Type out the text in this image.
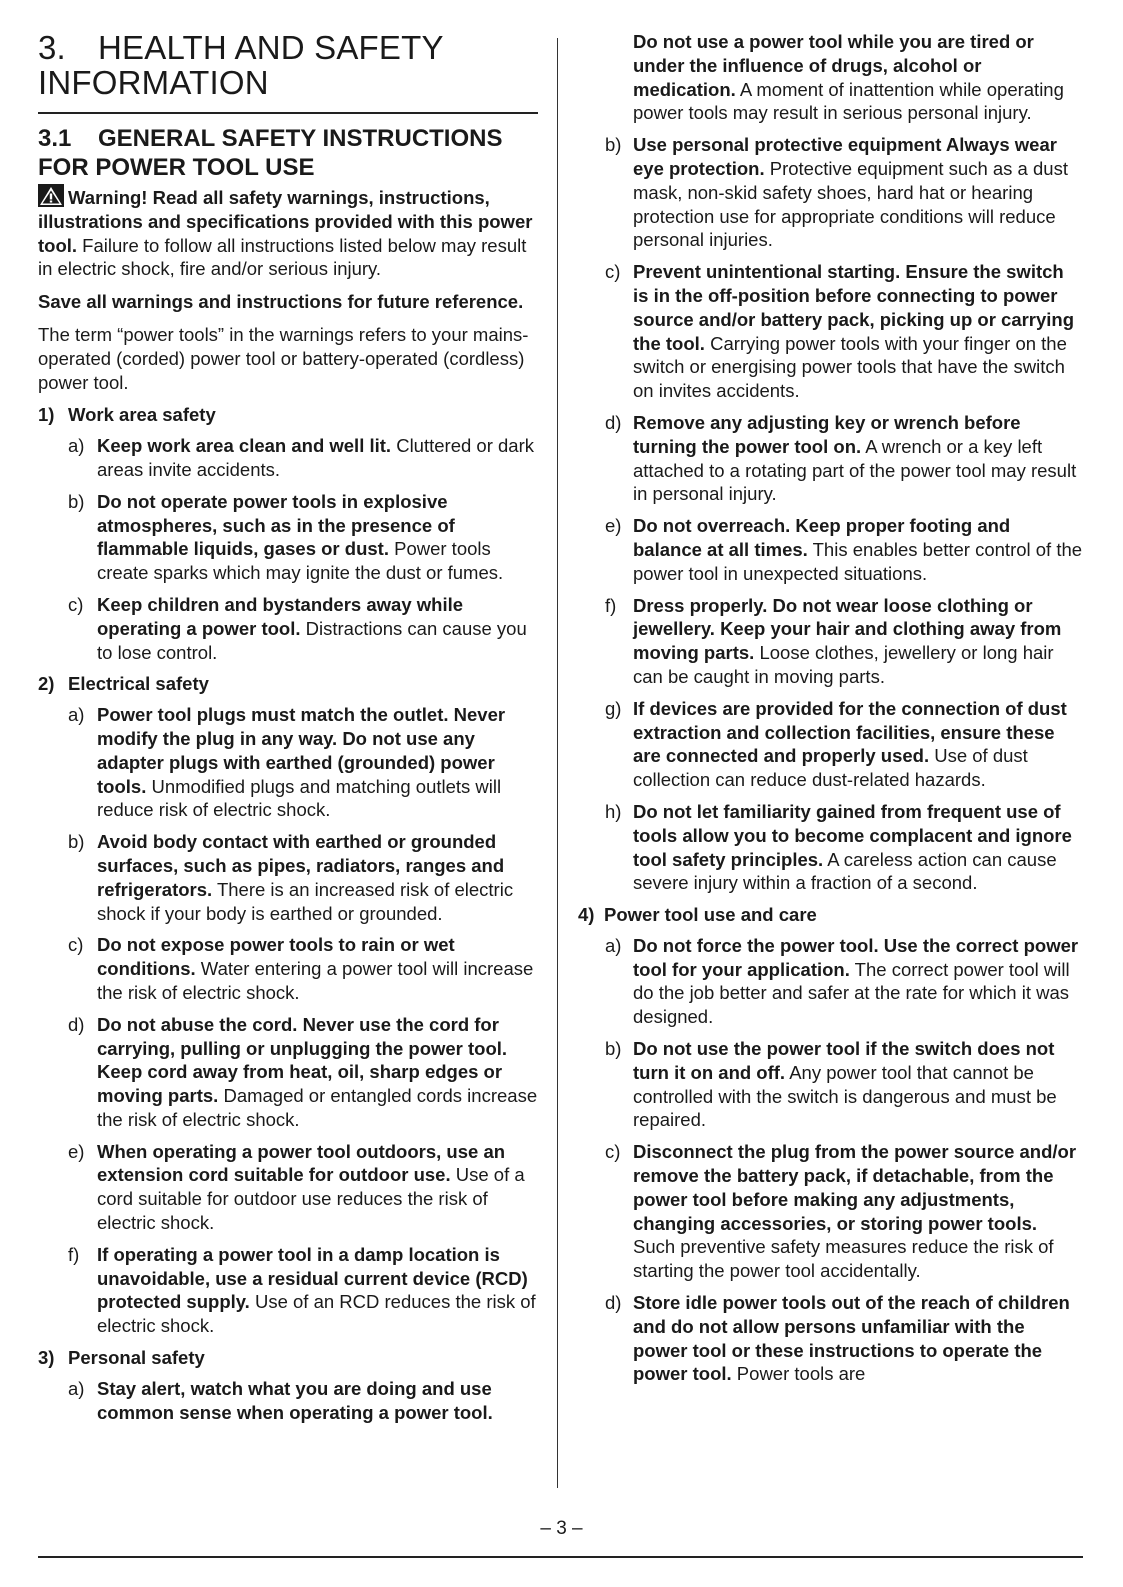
3. HEALTH AND SAFETY INFORMATION
3.1 GENERAL SAFETY INSTRUCTIONS FOR POWER TOOL USE

Warning! Read all safety warnings, instructions, illustrations and specifications provided with this power tool. Failure to follow all instructions listed below may result in electric shock, fire and/or serious injury.

Save all warnings and instructions for future reference.

The term “power tools” in the warnings refers to your mains-operated (corded) power tool or battery-operated (cordless) power tool.

1) Work area safety
a) Keep work area clean and well lit. Cluttered or dark areas invite accidents.
b) Do not operate power tools in explosive atmospheres, such as in the presence of flammable liquids, gases or dust. Power tools create sparks which may ignite the dust or fumes.
c) Keep children and bystanders away while operating a power tool. Distractions can cause you to lose control.
2) Electrical safety
a) Power tool plugs must match the outlet. Never modify the plug in any way. Do not use any adapter plugs with earthed (grounded) power tools. Unmodified plugs and matching outlets will reduce risk of electric shock.
b) Avoid body contact with earthed or grounded surfaces, such as pipes, radiators, ranges and refrigerators. There is an increased risk of electric shock if your body is earthed or grounded.
c) Do not expose power tools to rain or wet conditions. Water entering a power tool will increase the risk of electric shock.
d) Do not abuse the cord. Never use the cord for carrying, pulling or unplugging the power tool. Keep cord away from heat, oil, sharp edges or moving parts. Damaged or entangled cords increase the risk of electric shock.
e) When operating a power tool outdoors, use an extension cord suitable for outdoor use. Use of a cord suitable for outdoor use reduces the risk of electric shock.
f) If operating a power tool in a damp location is unavoidable, use a residual current device (RCD) protected supply. Use of an RCD reduces the risk of electric shock.
3) Personal safety
a) Stay alert, watch what you are doing and use common sense when operating a power tool.
Do not use a power tool while you are tired or under the influence of drugs, alcohol or medication. A moment of inattention while operating power tools may result in serious personal injury.
b) Use personal protective equipment Always wear eye protection. Protective equipment such as a dust mask, non-skid safety shoes, hard hat or hearing protection use for appropriate conditions will reduce personal injuries.
c) Prevent unintentional starting. Ensure the switch is in the off-position before connecting to power source and/or battery pack, picking up or carrying the tool. Carrying power tools with your finger on the switch or energising power tools that have the switch on invites accidents.
d) Remove any adjusting key or wrench before turning the power tool on. A wrench or a key left attached to a rotating part of the power tool may result in personal injury.
e) Do not overreach. Keep proper footing and balance at all times. This enables better control of the power tool in unexpected situations.
f) Dress properly. Do not wear loose clothing or jewellery. Keep your hair and clothing away from moving parts. Loose clothes, jewellery or long hair can be caught in moving parts.
g) If devices are provided for the connection of dust extraction and collection facilities, ensure these are connected and properly used. Use of dust collection can reduce dust-related hazards.
h) Do not let familiarity gained from frequent use of tools allow you to become complacent and ignore tool safety principles. A careless action can cause severe injury within a fraction of a second.
4) Power tool use and care
a) Do not force the power tool. Use the correct power tool for your application. The correct power tool will do the job better and safer at the rate for which it was designed.
b) Do not use the power tool if the switch does not turn it on and off. Any power tool that cannot be controlled with the switch is dangerous and must be repaired.
c) Disconnect the plug from the power source and/or remove the battery pack, if detachable, from the power tool before making any adjustments, changing accessories, or storing power tools. Such preventive safety measures reduce the risk of starting the power tool accidentally.
d) Store idle power tools out of the reach of children and do not allow persons unfamiliar with the power tool or these instructions to operate the power tool. Power tools are
– 3 –
